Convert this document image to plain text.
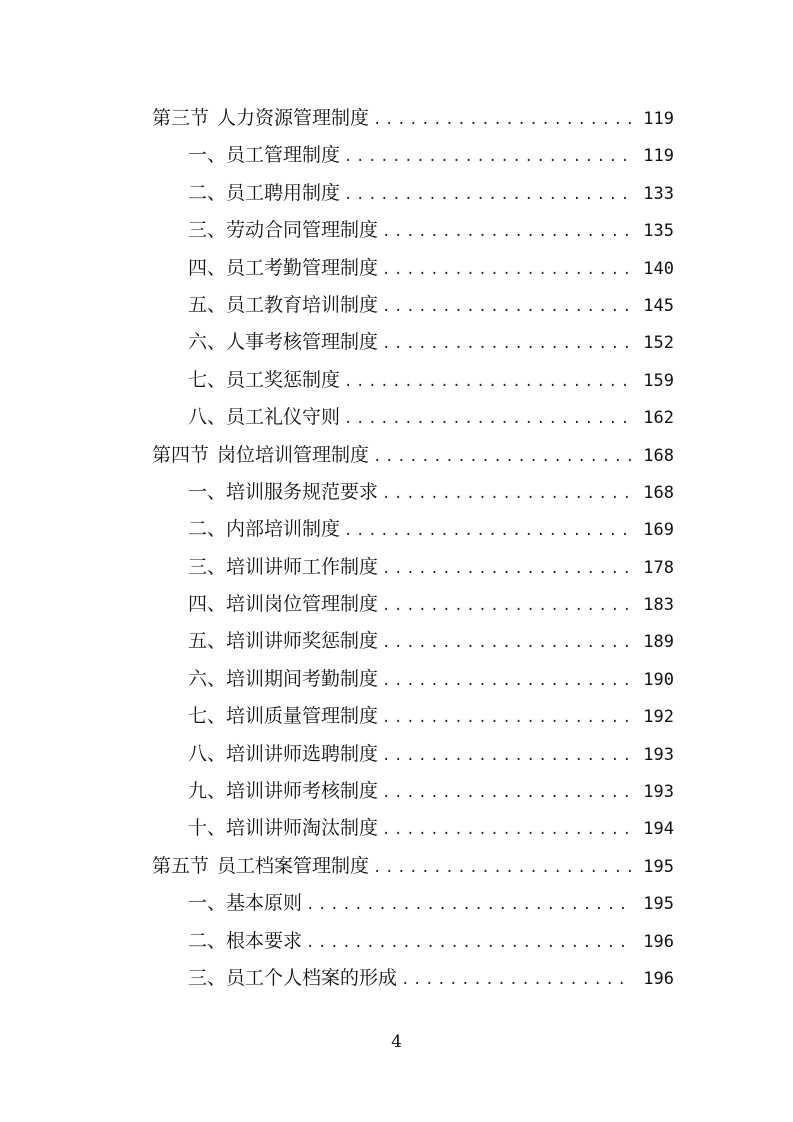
第三节 人力资源管理制度 .....	119
一、员工管理制度 .....	119
二、员工聘用制度 .....	133
三、劳动合同管理制度 .....	135
四、员工考勤管理制度 .....	140
五、员工教育培训制度 .....	145
六、人事考核管理制度 .....	152
七、员工奖惩制度 .....	159
八、员工礼仪守则 .....	162
第四节 岗位培训管理制度 .....	168
一、培训服务规范要求 .....	168
二、内部培训制度 .....	169
三、培训讲师工作制度 .....	178
四、培训岗位管理制度 .....	183
五、培训讲师奖惩制度 .....	189
六、培训期间考勤制度 .....	190
七、培训质量管理制度 .....	192
八、培训讲师选聘制度 .....	193
九、培训讲师考核制度 .....	193
十、培训讲师淘汰制度 .....	194
第五节 员工档案管理制度 .....	195
一、基本原则 .....	195
二、根本要求 .....	196
三、员工个人档案的形成 .....	196
4
